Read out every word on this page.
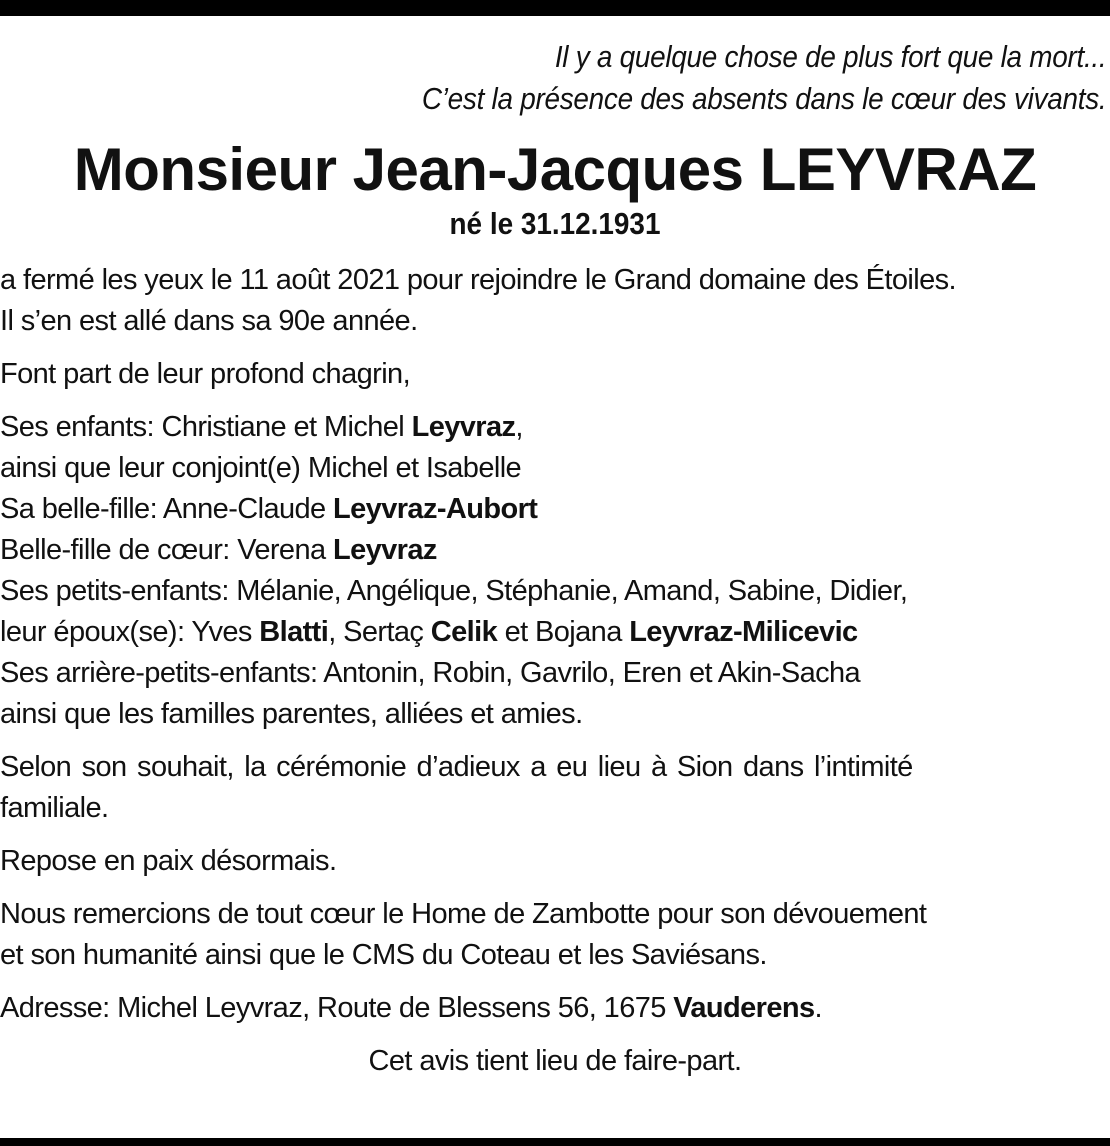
Il y a quelque chose de plus fort que la mort...
C’est la présence des absents dans le cœur des vivants.
Monsieur Jean-Jacques LEYVRAZ
né le 31.12.1931
a fermé les yeux le 11 août 2021 pour rejoindre le Grand domaine des Étoiles.
Il s’en est allé dans sa 90e année.
Font part de leur profond chagrin,
Ses enfants: Christiane et Michel Leyvraz,
ainsi que leur conjoint(e) Michel et Isabelle
Sa belle-fille: Anne-Claude Leyvraz-Aubort
Belle-fille de cœur: Verena Leyvraz
Ses petits-enfants: Mélanie, Angélique, Stéphanie, Amand, Sabine, Didier,
leur époux(se): Yves Blatti, Sertaç Celik et Bojana Leyvraz-Milicevic
Ses arrière-petits-enfants: Antonin, Robin, Gavrilo, Eren et Akin-Sacha
ainsi que les familles parentes, alliées et amies.
Selon son souhait, la cérémonie d’adieux a eu lieu à Sion dans l’intimité
familiale.
Repose en paix désormais.
Nous remercions de tout cœur le Home de Zambotte pour son dévouement
et son humanité ainsi que le CMS du Coteau et les Saviésans.
Adresse: Michel Leyvraz, Route de Blessens 56, 1675 Vauderens.
Cet avis tient lieu de faire-part.
